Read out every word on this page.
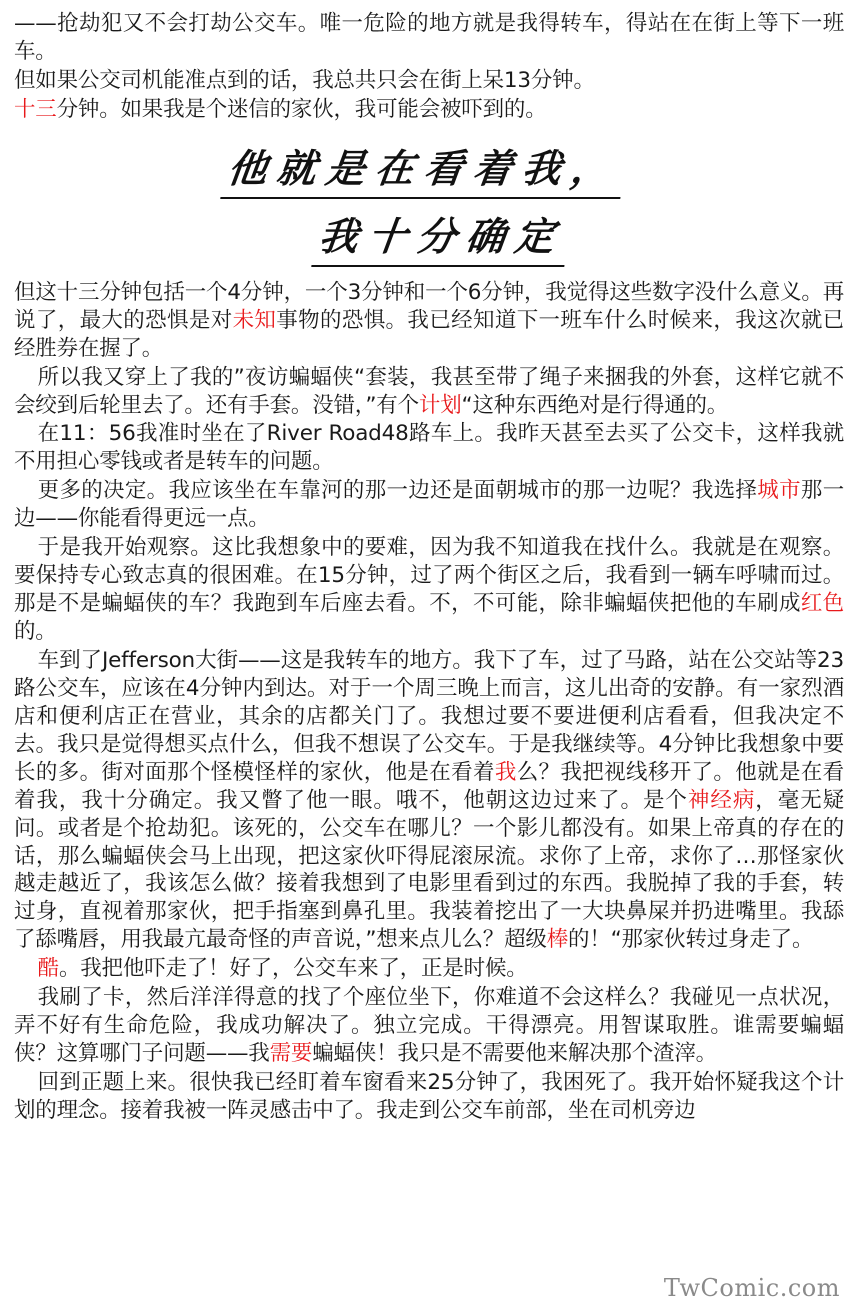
——抢劫犯又不会打劫公交车。唯一危险的地方就是我得转车，得站在在街上等下一班车。

但如果公交司机能准点到的话，我总共只会在街上呆13分钟。

十三分钟。如果我是个迷信的家伙，我可能会被吓到的。

他就是在看着我，
我十分确定

但这十三分钟包括一个4分钟，一个3分钟和一个6分钟，我觉得这些数字没什么意义。再说了，最大的恐惧是对未知事物的恐惧。我已经知道下一班车什么时候来，我这次就已经胜券在握了。

所以我又穿上了我的”夜访蝙蝠侠“套装，我甚至带了绳子来捆我的外套，这样它就不会绞到后轮里去了。还有手套。没错，”有个计划“这种东西绝对是行得通的。

在11：56我准时坐在了River Road48路车上。我昨天甚至去买了公交卡，这样我就不用担心零钱或者是转车的问题。

更多的决定。我应该坐在车靠河的那一边还是面朝城市的那一边呢？我选择城市那一边——你能看得更远一点。

于是我开始观察。这比我想象中的要难，因为我不知道我在找什么。我就是在观察。要保持专心致志真的很困难。在15分钟，过了两个街区之后，我看到一辆车呼啸而过。那是不是蝙蝠侠的车？我跑到车后座去看。不，不可能，除非蝙蝠侠把他的车刷成红色的。

车到了Jefferson大街——这是我转车的地方。我下了车，过了马路，站在公交站等23路公交车，应该在4分钟内到达。对于一个周三晚上而言，这儿出奇的安静。有一家烈酒店和便利店正在营业，其余的店都关门了。我想过要不要进便利店看看，但我决定不去。我只是觉得想买点什么，但我不想误了公交车。于是我继续等。4分钟比我想象中要长的多。街对面那个怪模怪样的家伙，他是在看着我么？我把视线移开了。他就是在看着我，我十分确定。我又瞥了他一眼。哦不，他朝这边过来了。是个神经病，毫无疑问。或者是个抢劫犯。该死的，公交车在哪儿？一个影儿都没有。如果上帝真的存在的话，那么蝙蝠侠会马上出现，把这家伙吓得屁滚尿流。求你了上帝，求你了…那怪家伙越走越近了，我该怎么做？接着我想到了电影里看到过的东西。我脱掉了我的手套，转过身，直视着那家伙，把手指塞到鼻孔里。我装着挖出了一大块鼻屎并扔进嘴里。我舔了舔嘴唇，用我最亢最奇怪的声音说，”想来点儿么？超级棒的！“那家伙转过身走了。

酷。我把他吓走了！好了，公交车来了，正是时候。

我刷了卡，然后洋洋得意的找了个座位坐下，你难道不会这样么？我碰见一点状况，弄不好有生命危险，我成功解决了。独立完成。干得漂亮。用智谋取胜。谁需要蝙蝠侠？这算哪门子问题——我需要蝙蝠侠！我只是不需要他来解决那个渣滓。

回到正题上来。很快我已经盯着车窗看来25分钟了，我困死了。我开始怀疑我这个计划的理念。接着我被一阵灵感击中了。我走到公交车前部，坐在司机旁边

TwComic.com
